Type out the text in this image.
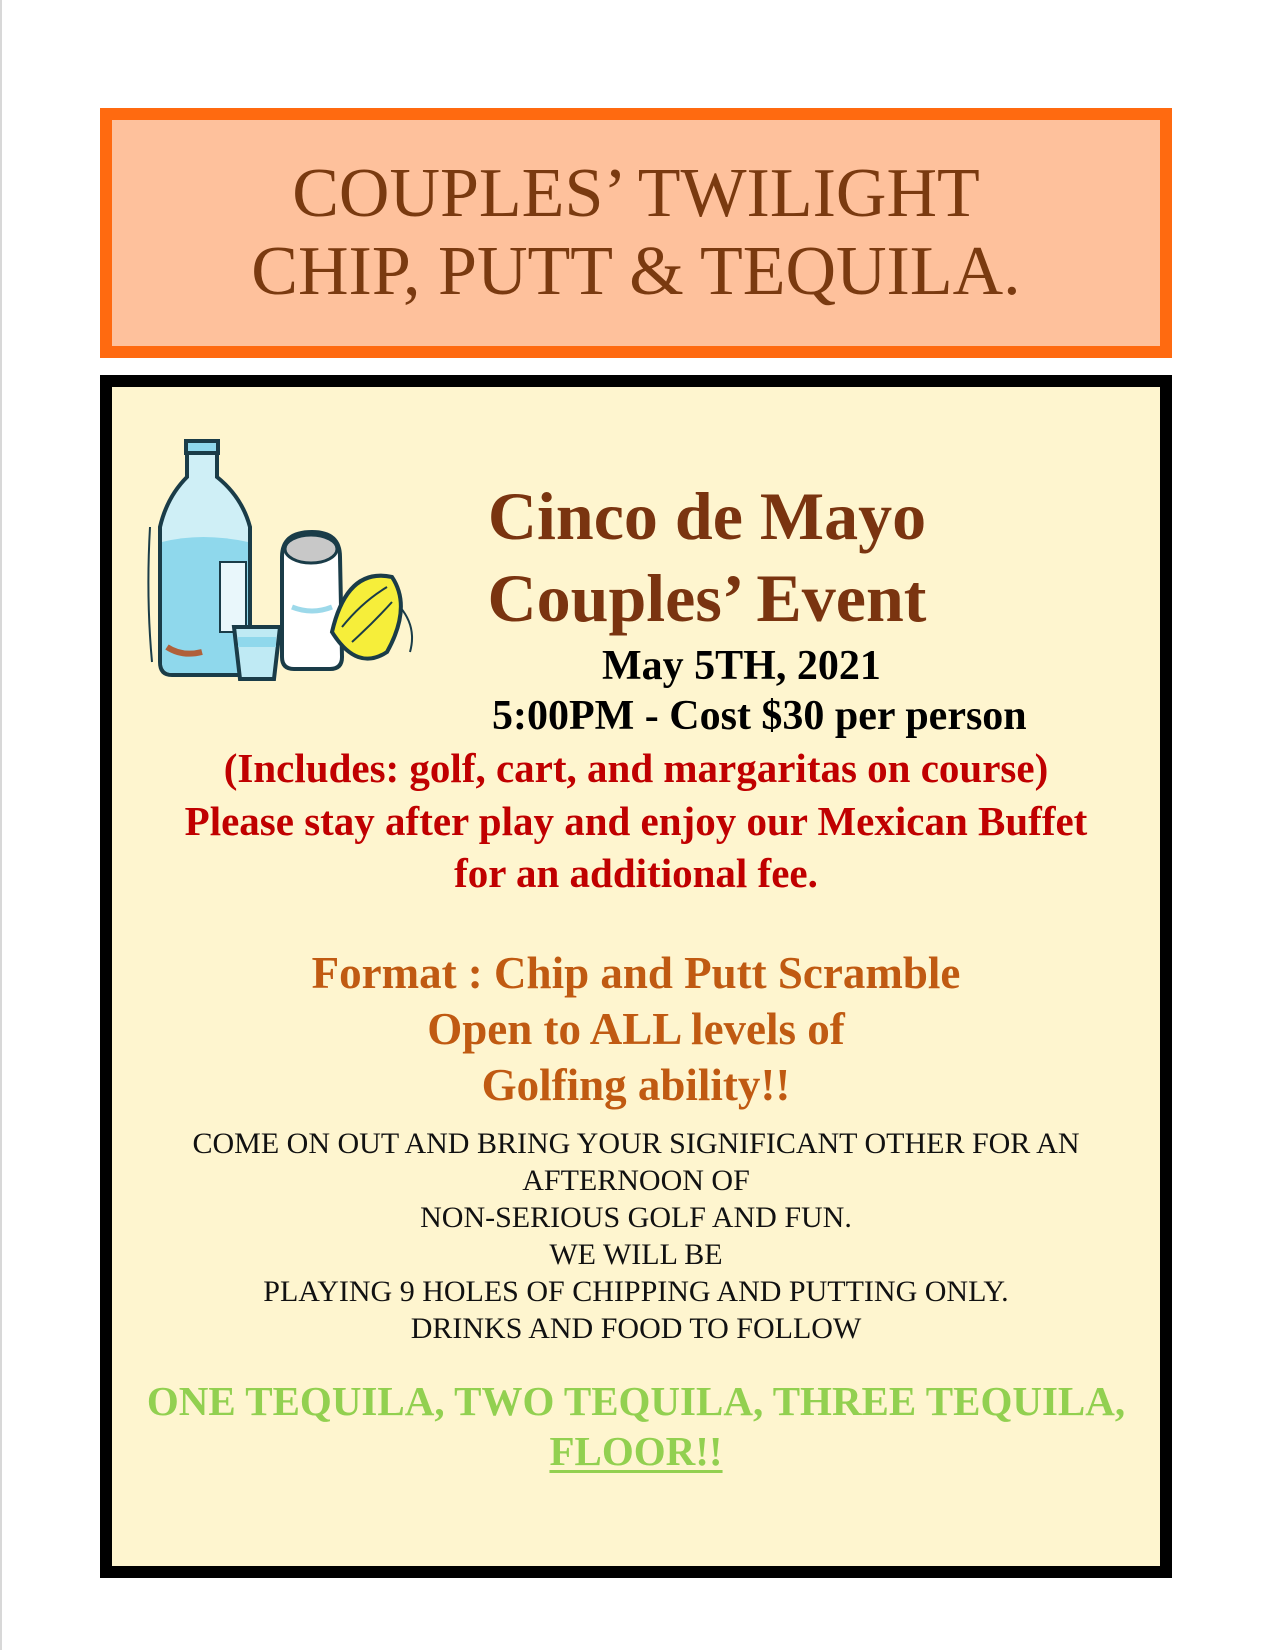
COUPLES’ TWILIGHT
CHIP, PUTT & TEQUILA.
Cinco de Mayo
Couples’ Event
May 5TH, 2021
5:00PM - Cost $30 per person
(Includes: golf, cart, and margaritas on course)
Please stay after play and enjoy our Mexican Buffet
for an additional fee.
Format : Chip and Putt Scramble
Open to ALL levels of
Golfing ability!!
COME ON OUT AND BRING YOUR SIGNIFICANT OTHER FOR AN
AFTERNOON OF
NON-SERIOUS GOLF AND FUN.
WE WILL BE
PLAYING 9 HOLES OF CHIPPING AND PUTTING ONLY.
DRINKS AND FOOD TO FOLLOW
ONE TEQUILA, TWO TEQUILA, THREE TEQUILA,
FLOOR!!
